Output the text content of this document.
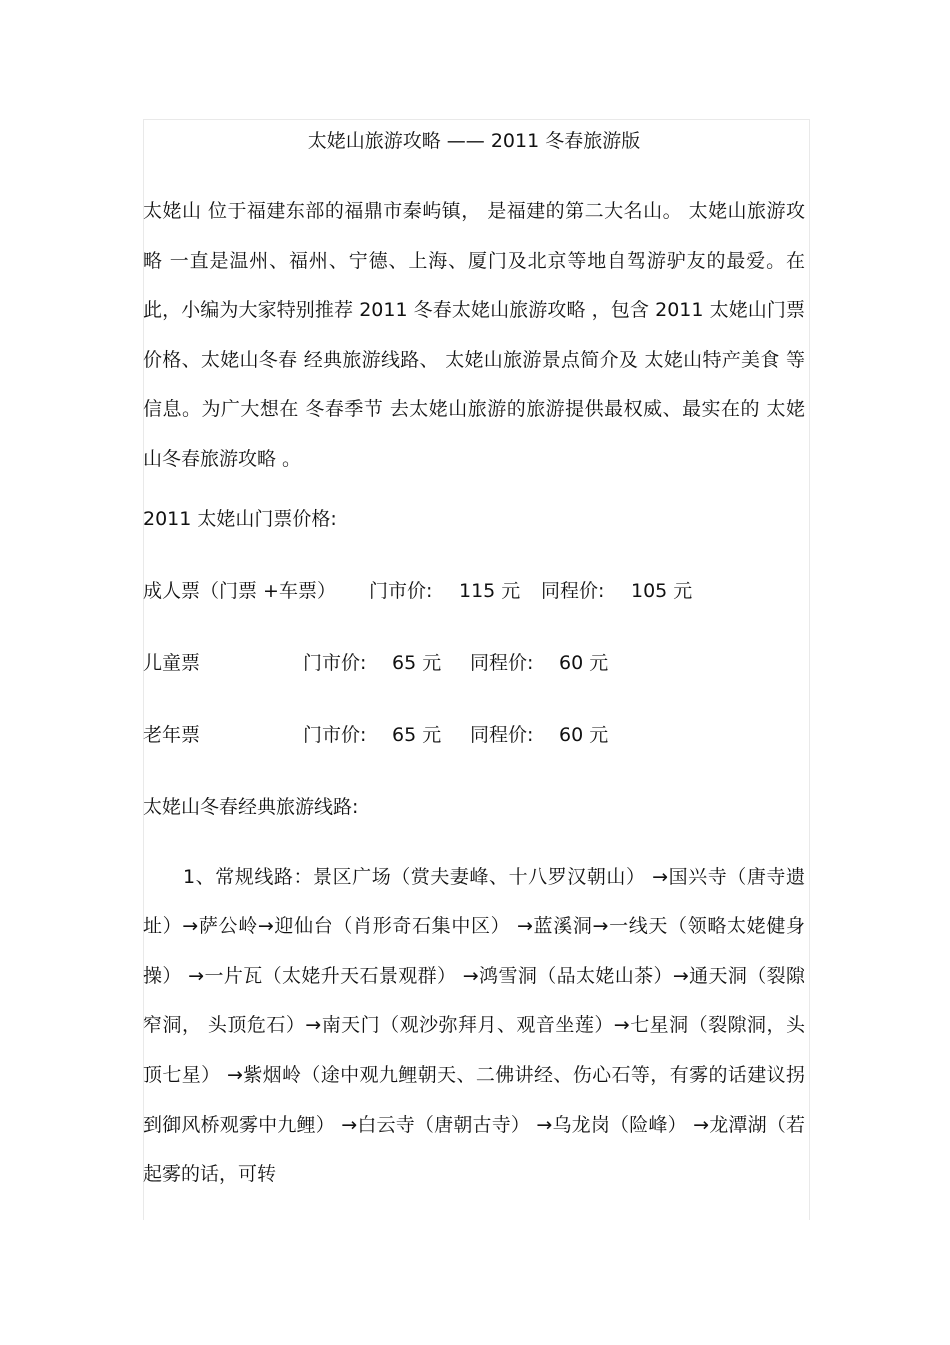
太姥山旅游攻略 —— 2011 冬春旅游版

太姥山 位于福建东部的福鼎市秦屿镇， 是福建的第二大名山。 太姥山旅游攻略 一直是温州、福州、宁德、上海、厦门及北京等地自驾游驴友的最爱。在此，小编为大家特别推荐 2011 冬春太姥山旅游攻略 ，包含 2011 太姥山门票 价格、太姥山冬春 经典旅游线路、 太姥山旅游景点简介及 太姥山特产美食 等信息。为广大想在 冬春季节 去太姥山旅游的旅游提供最权威、最实在的 太姥山冬春旅游攻略 。

2011 太姥山门票价格:

成人票（门票 +车票）	门市价:	115 元	同程价:	105 元
儿童票	门市价:	65 元	同程价:	60 元
老年票	门市价:	65 元	同程价:	60 元

太姥山冬春经典旅游线路:

1、常规线路：景区广场（赏夫妻峰、十八罗汉朝山） →国兴寺（唐寺遗址）→萨公岭→迎仙台（肖形奇石集中区） →蓝溪洞→一线天（领略太姥健身操） →一片瓦（太姥升天石景观群） →鸿雪洞（品太姥山茶）→通天洞（裂隙窄洞， 头顶危石）→南天门（观沙弥拜月、观音坐莲）→七星洞（裂隙洞，头顶七星） →紫烟岭（途中观九鲤朝天、二佛讲经、伤心石等，有雾的话建议拐到御风桥观雾中九鲤） →白云寺（唐朝古寺） →乌龙岗（险峰） →龙潭湖（若起雾的话，可转
